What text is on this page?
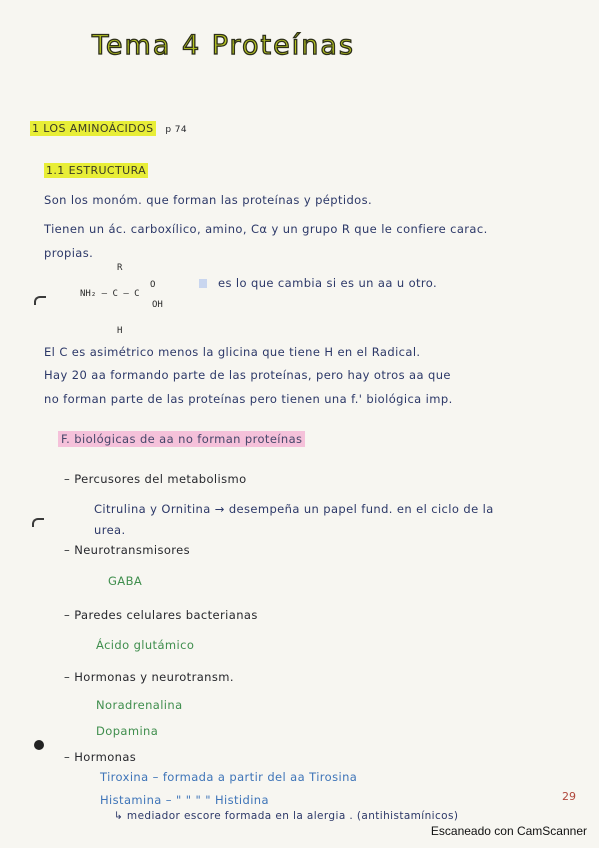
Tema 4 Proteínas
1 LOS AMINOÁCIDOS p 74
1.1 ESTRUCTURA
Son los monóm. que forman las proteínas y péptidos.
Tienen un ác. carboxílico, amino, Cα y un grupo R que le confiere carac.
propias.
R
NH₂ – C – C
O
OH
H
es lo que cambia si es un aa u otro.
El C es asimétrico menos la glicina que tiene H en el Radical.
Hay 20 aa formando parte de las proteínas, pero hay otros aa que
no forman parte de las proteínas pero tienen una f.' biológica imp.
F. biológicas de aa no forman proteínas
– Percusores del metabolismo
Citrulina y Ornitina → desempeña un papel fund. en el ciclo de la
urea.
– Neurotransmisores
GABA
– Paredes celulares bacterianas
Ácido glutámico
– Hormonas y neurotransm.
Noradrenalina
Dopamina
– Hormonas
Tiroxina – formada a partir del aa Tirosina
Histamina – " " " " Histidina
↳ mediador escore formada en la alergia . (antihistamínicos)
29
Escaneado con CamScanner
